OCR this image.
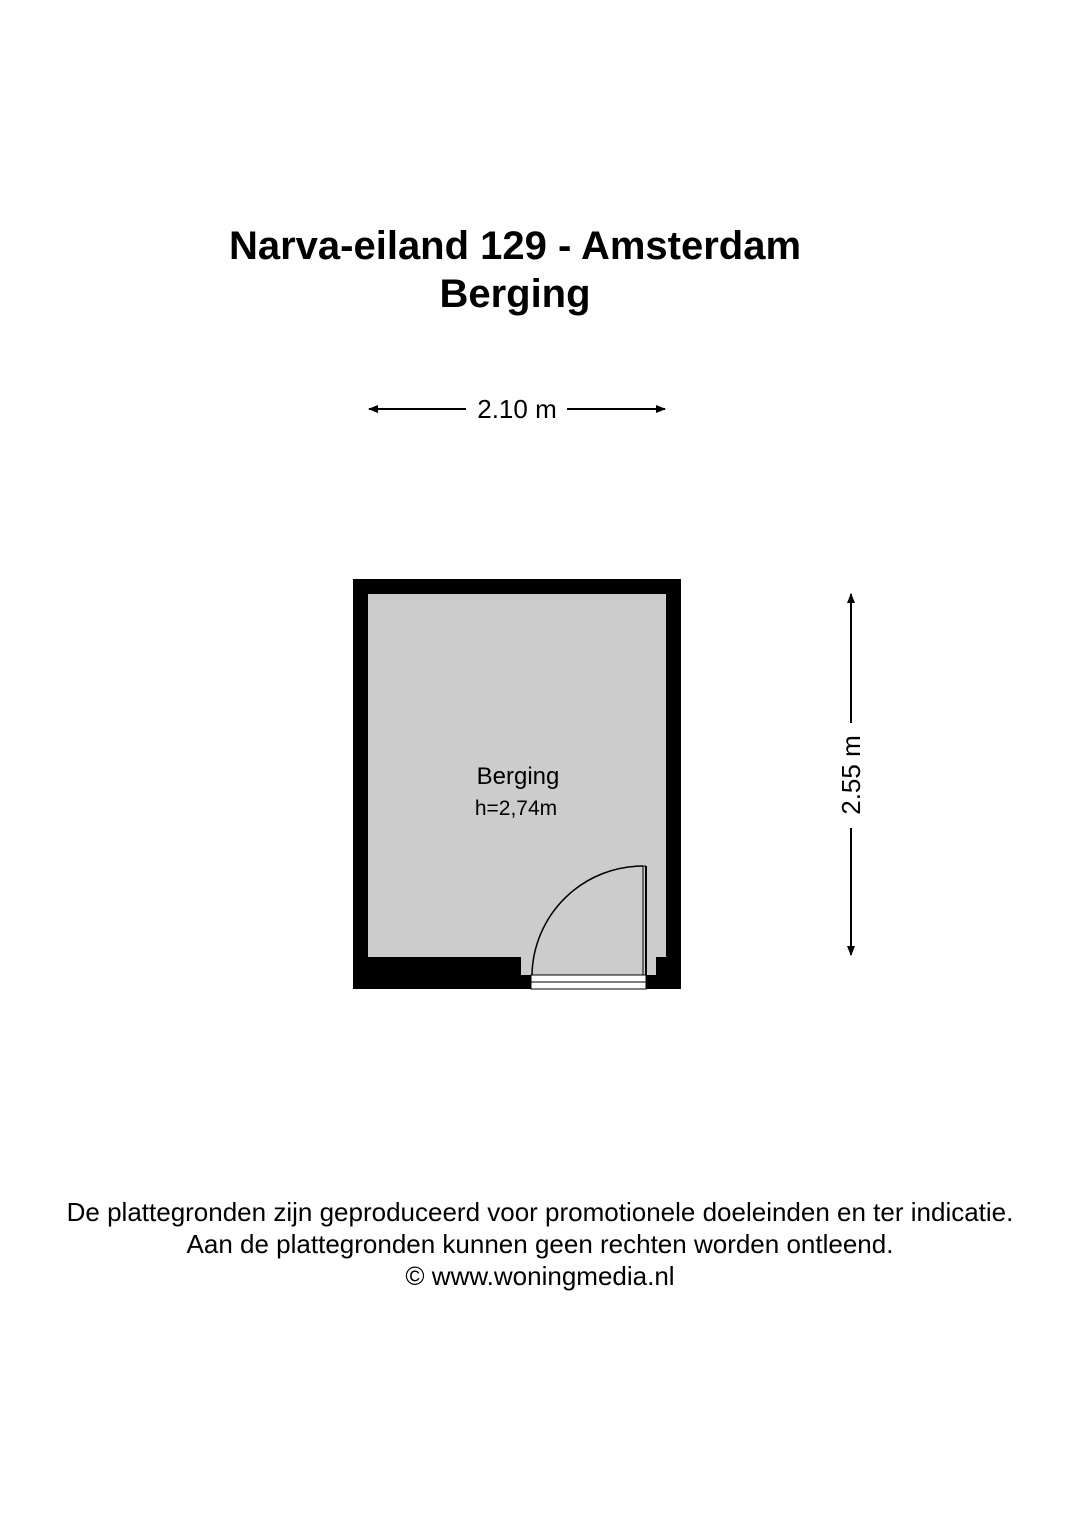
Narva-eiland 129 - Amsterdam
Berging
2.10 m
Berging
h=2,74m	2.55 m
De plattegronden zijn geproduceerd voor promotionele doeleinden en ter indicatie.
Aan de plattegronden kunnen geen rechten worden ontleend.
© www.woningmedia.nl
